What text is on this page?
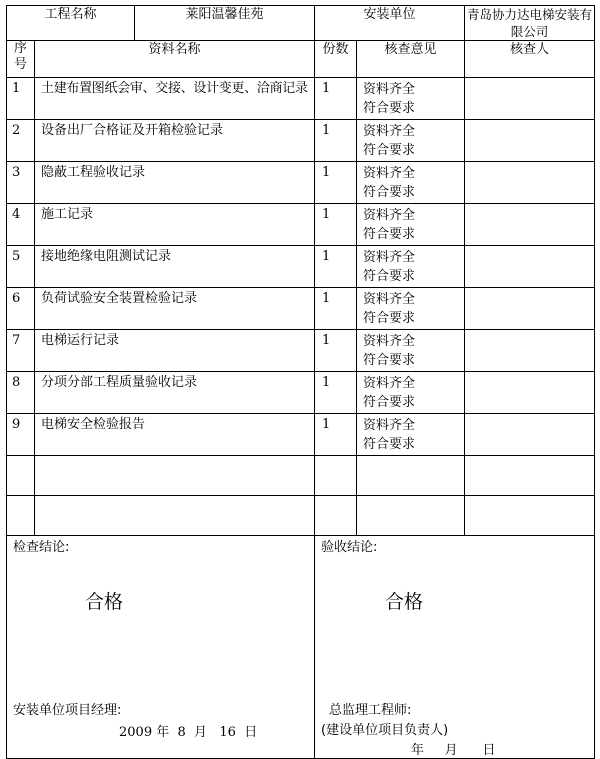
工程名称		莱阳温馨佳苑	安装单位		青岛协力达电梯安装有限公司
序号	资料名称		份数	核查意见	核查人
1	土建布置图纸会审、交接、设计变更、洽商记录		1	资料齐全
符合要求	

2	设备出厂合格证及开箱检验记录		1	资料齐全
符合要求	

3	隐蔽工程验收记录		1	资料齐全
符合要求	

4	施工记录		1	资料齐全
符合要求	

5	接地绝缘电阻测试记录		1	资料齐全
符合要求	

6	负荷试验安全装置检验记录		1	资料齐全
符合要求	

7	电梯运行记录		1	资料齐全
符合要求	

8	分项分部工程质量验收记录		1	资料齐全
符合要求	

9	电梯安全检验报告		1	资料齐全
符合要求	

检查结论:
合格
安装单位项目经理:
2009 年  8  月   16  日			验收结论:
合格
总监理工程师:
(建设单位项目负责人)
年     月      日		
